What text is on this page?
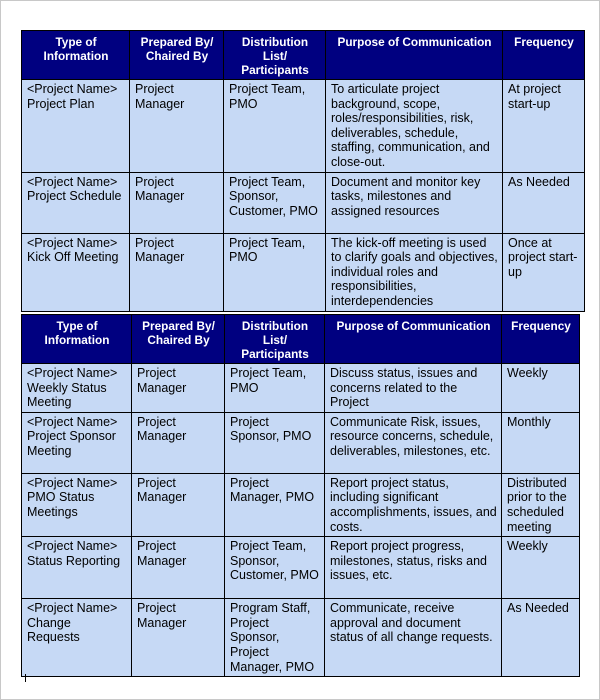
Type of Information	Prepared By/ Chaired By	Distribution List/ Participants	Purpose of Communication	Frequency
<Project Name> Project Plan	Project Manager	Project Team, PMO	To articulate project background, scope, roles/responsibilities, risk, deliverables, schedule, staffing, communication, and close-out.	At project start-up
<Project Name> Project Schedule	Project Manager	Project Team, Sponsor, Customer, PMO	Document and monitor key tasks, milestones and assigned resources	As Needed
<Project Name> Kick Off Meeting	Project Manager	Project Team, PMO	The kick-off meeting is used to clarify goals and objectives, individual roles and responsibilities, interdependencies	Once at project start-up
Type of Information	Prepared By/ Chaired By	Distribution List/ Participants	Purpose of Communication	Frequency
<Project Name> Weekly Status Meeting	Project Manager	Project Team, PMO	Discuss status, issues and concerns related to the Project	Weekly
<Project Name> Project Sponsor Meeting	Project Manager	Project Sponsor, PMO	Communicate Risk, issues, resource concerns, schedule, deliverables, milestones, etc.	Monthly
<Project Name> PMO Status Meetings	Project Manager	Project Manager, PMO	Report project status, including significant accomplishments, issues, and costs.	Distributed prior to the scheduled meeting
<Project Name> Status Reporting	Project Manager	Project Team, Sponsor, Customer, PMO	Report project progress, milestones, status, risks and issues, etc.	Weekly
<Project Name> Change Requests	Project Manager	Program Staff, Project Sponsor, Project Manager, PMO	Communicate, receive approval and document status of all change requests.	As Needed
